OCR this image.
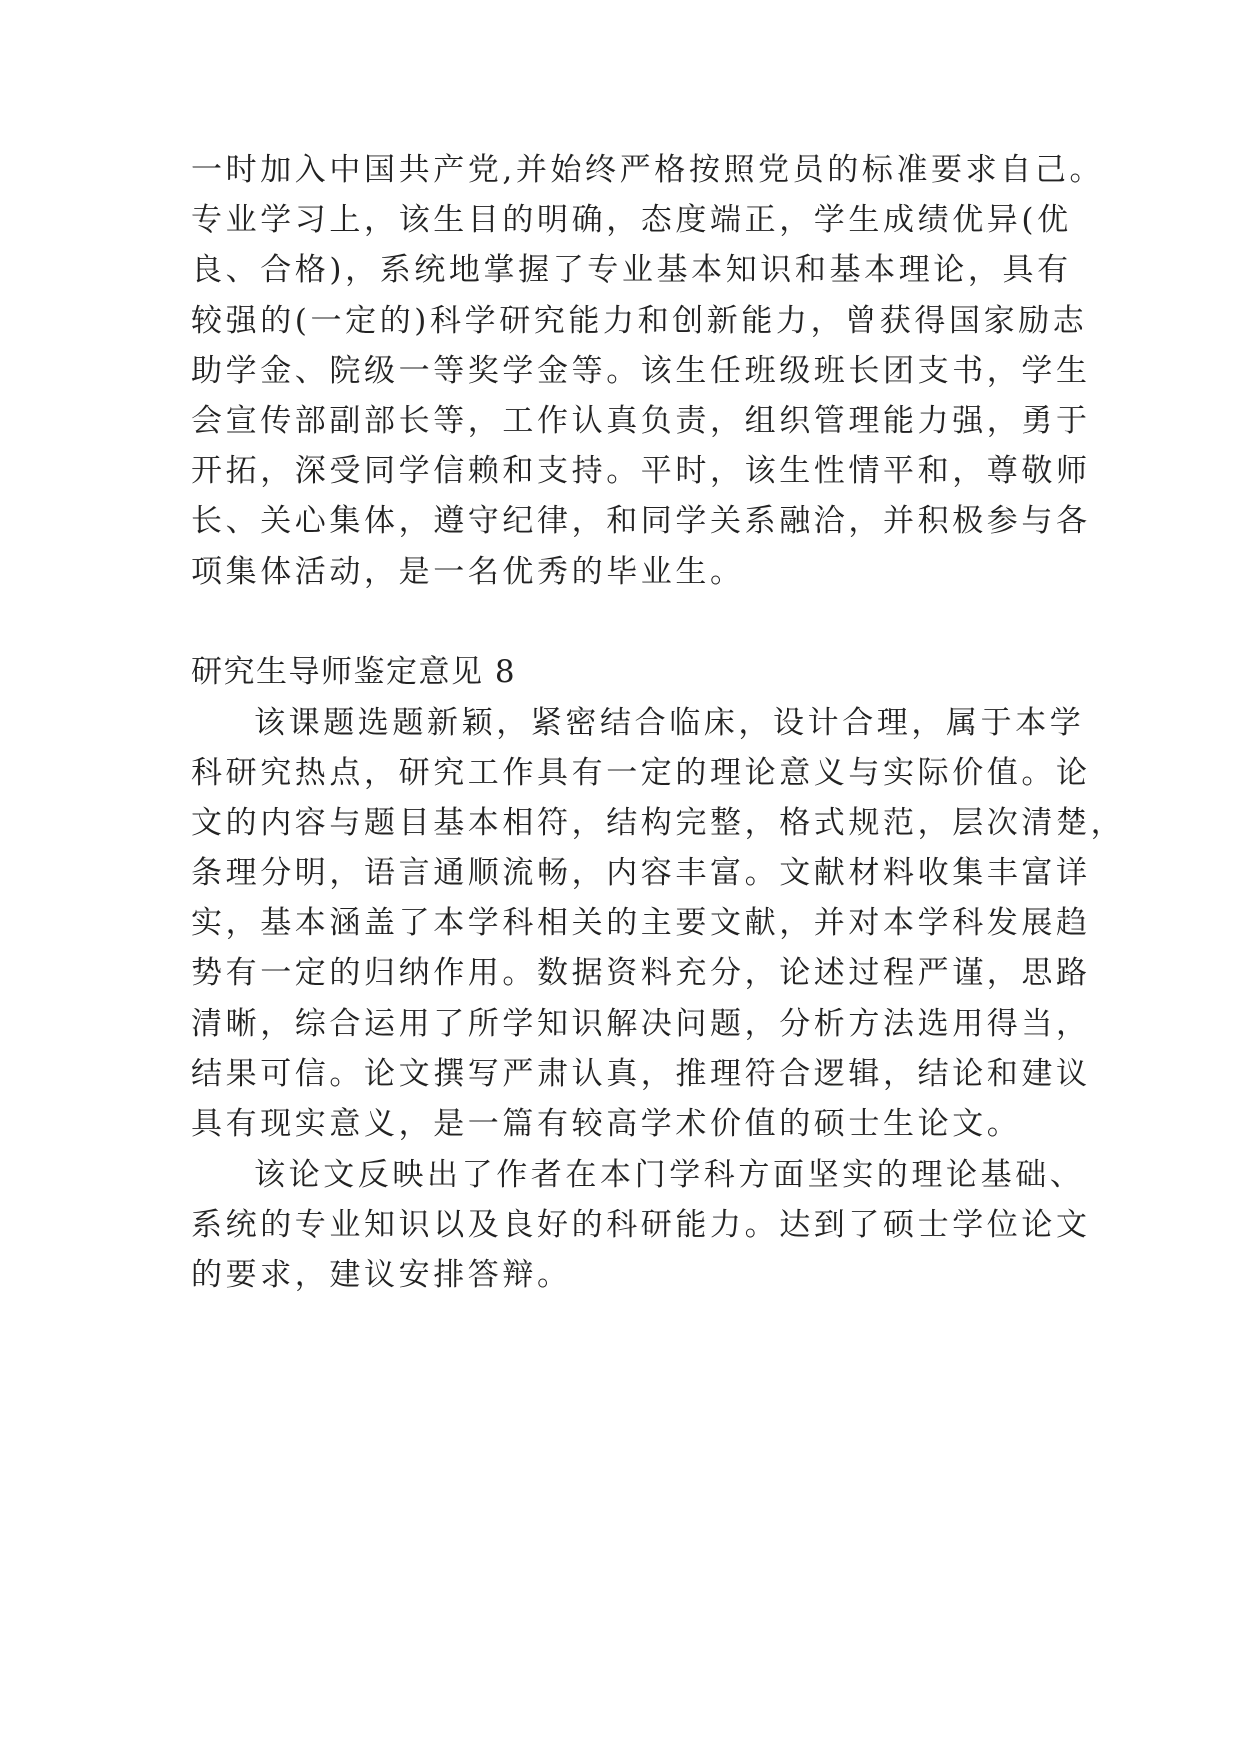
一时加入中国共产党,并始终严格按照党员的标准要求自己。
专业学习上，该生目的明确，态度端正，学生成绩优异(优
良、合格)，系统地掌握了专业基本知识和基本理论，具有
较强的(一定的)科学研究能力和创新能力，曾获得国家励志
助学金、院级一等奖学金等。该生任班级班长团支书，学生
会宣传部副部长等，工作认真负责，组织管理能力强，勇于
开拓，深受同学信赖和支持。平时，该生性情平和，尊敬师
长、关心集体，遵守纪律，和同学关系融洽，并积极参与各
项集体活动，是一名优秀的毕业生。
研究生导师鉴定意见 8
该课题选题新颖，紧密结合临床，设计合理，属于本学
科研究热点，研究工作具有一定的理论意义与实际价值。论
文的内容与题目基本相符，结构完整，格式规范，层次清楚，
条理分明，语言通顺流畅，内容丰富。文献材料收集丰富详
实，基本涵盖了本学科相关的主要文献，并对本学科发展趋
势有一定的归纳作用。数据资料充分，论述过程严谨，思路
清晰，综合运用了所学知识解决问题，分析方法选用得当，
结果可信。论文撰写严肃认真，推理符合逻辑，结论和建议
具有现实意义，是一篇有较高学术价值的硕士生论文。
该论文反映出了作者在本门学科方面坚实的理论基础、
系统的专业知识以及良好的科研能力。达到了硕士学位论文
的要求，建议安排答辩。
